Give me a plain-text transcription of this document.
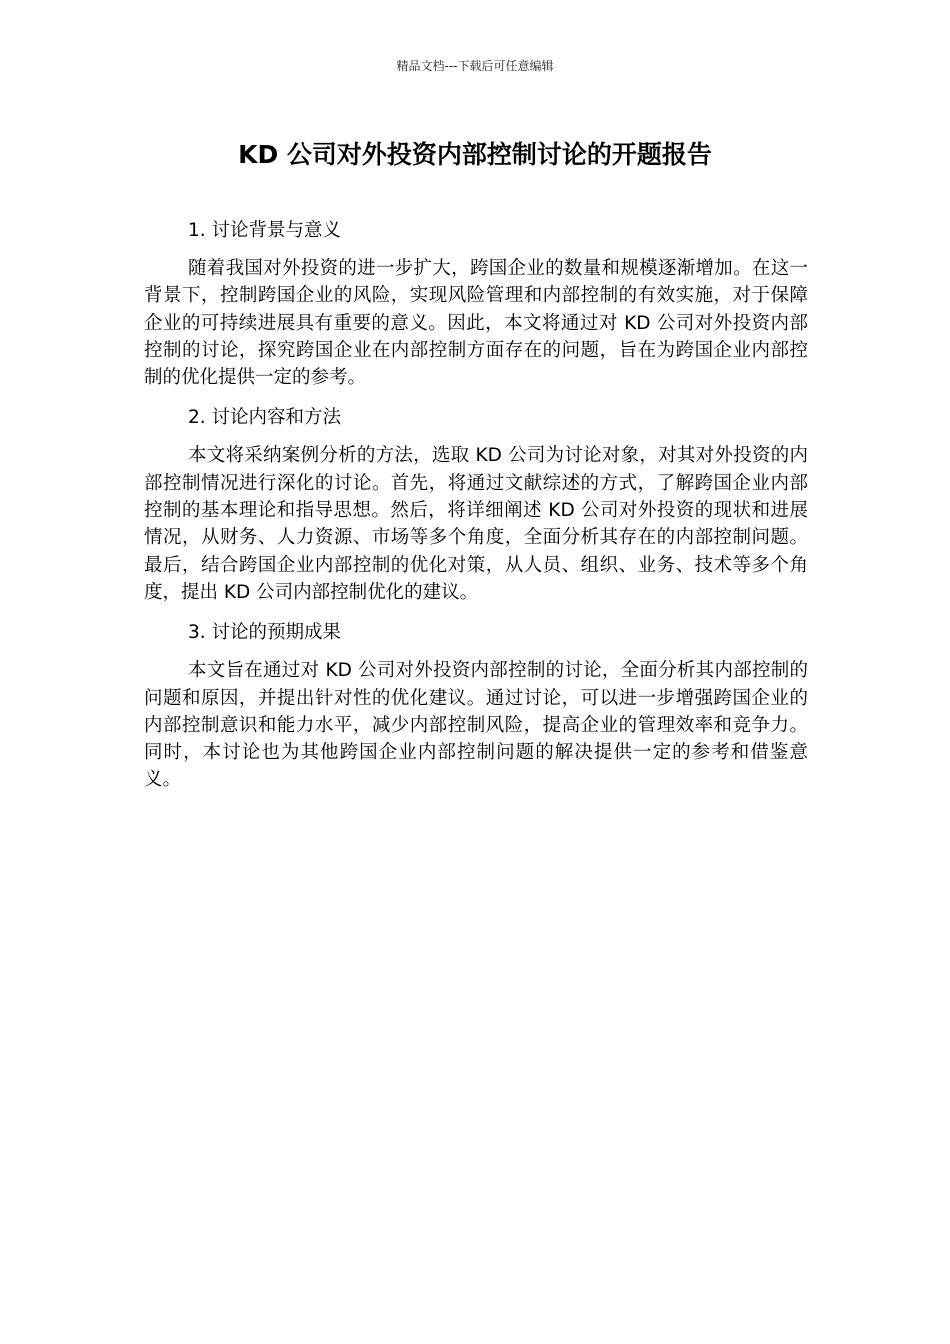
精品文档---下载后可任意编辑
KD 公司对外投资内部控制讨论的开题报告
1. 讨论背景与意义

随着我国对外投资的进一步扩大，跨国企业的数量和规模逐渐增加。在这一背景下，控制跨国企业的风险，实现风险管理和内部控制的有效实施，对于保障企业的可持续进展具有重要的意义。因此，本文将通过对 KD 公司对外投资内部控制的讨论，探究跨国企业在内部控制方面存在的问题，旨在为跨国企业内部控制的优化提供一定的参考。

2. 讨论内容和方法

本文将采纳案例分析的方法，选取 KD 公司为讨论对象，对其对外投资的内部控制情况进行深化的讨论。首先，将通过文献综述的方式，了解跨国企业内部控制的基本理论和指导思想。然后，将详细阐述 KD 公司对外投资的现状和进展情况，从财务、人力资源、市场等多个角度，全面分析其存在的内部控制问题。最后，结合跨国企业内部控制的优化对策，从人员、组织、业务、技术等多个角度，提出 KD 公司内部控制优化的建议。

3. 讨论的预期成果

本文旨在通过对 KD 公司对外投资内部控制的讨论，全面分析其内部控制的问题和原因，并提出针对性的优化建议。通过讨论，可以进一步增强跨国企业的内部控制意识和能力水平，减少内部控制风险，提高企业的管理效率和竞争力。同时，本讨论也为其他跨国企业内部控制问题的解决提供一定的参考和借鉴意义。
